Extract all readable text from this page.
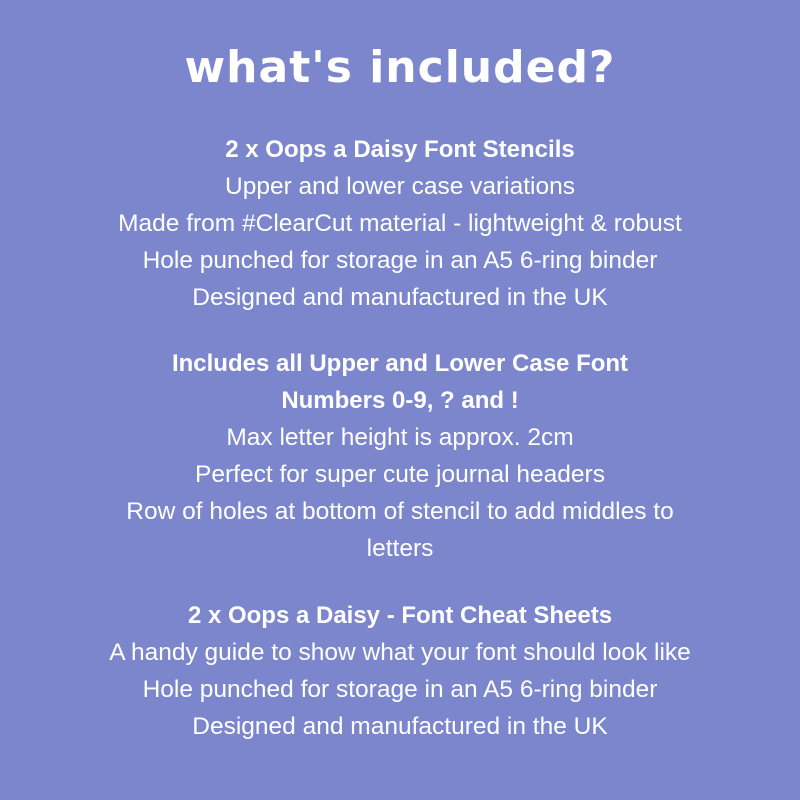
what's included?

2 x Oops a Daisy Font Stencils

Upper and lower case variations

Made from #ClearCut material - lightweight & robust

Hole punched for storage in an A5 6-ring binder

Designed and manufactured in the UK

Includes all Upper and Lower Case Font

Numbers 0-9, ? and !

Max letter height is approx. 2cm

Perfect for super cute journal headers

Row of holes at bottom of stencil to add middles to

letters

2 x Oops a Daisy - Font Cheat Sheets

A handy guide to show what your font should look like

Hole punched for storage in an A5 6-ring binder

Designed and manufactured in the UK
